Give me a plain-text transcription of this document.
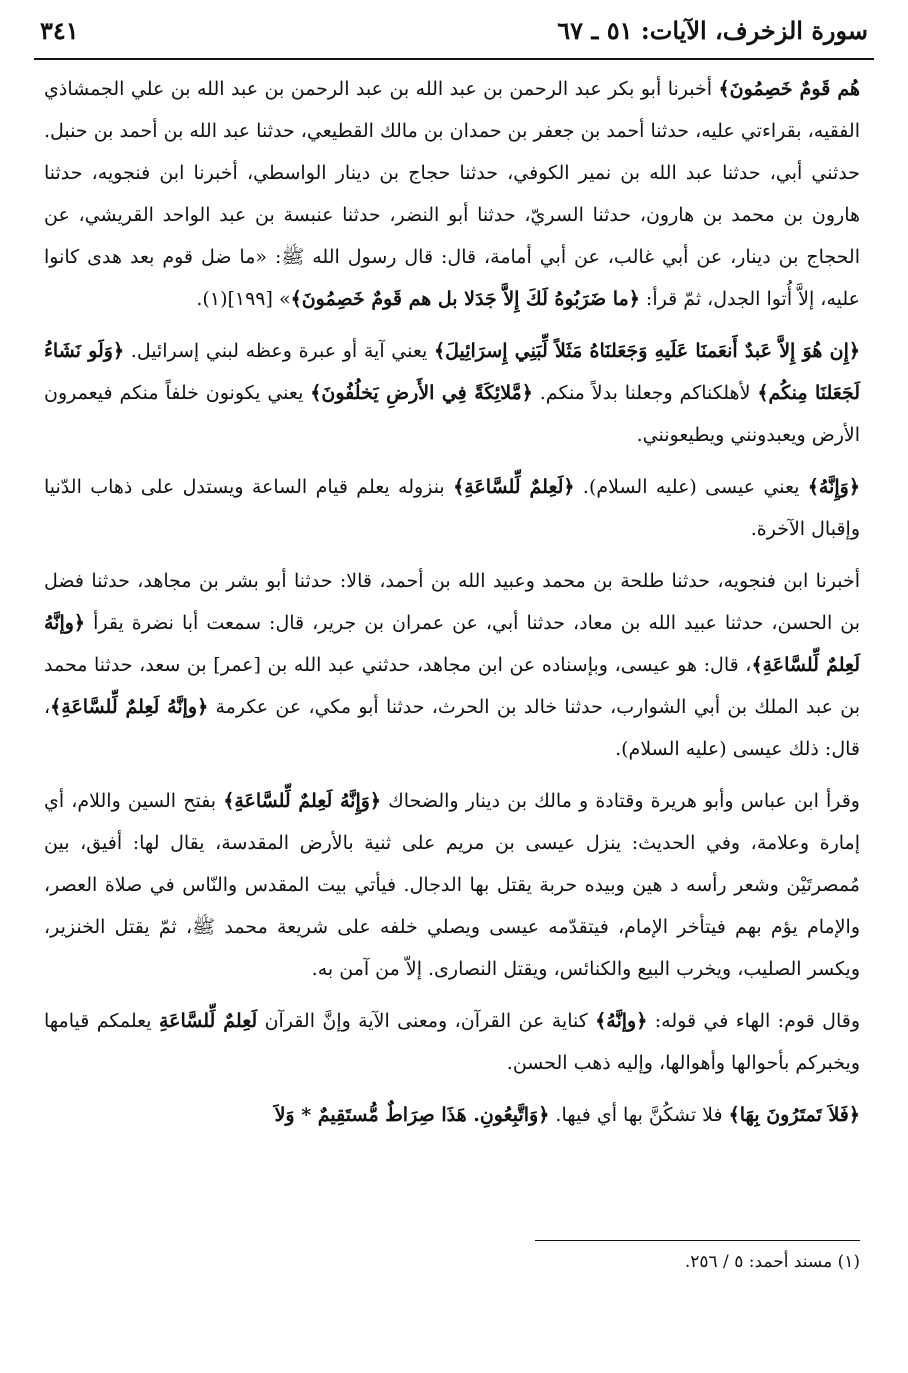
سورة الزخرف، الآيات: ٥١ ـ ٦٧
٣٤١

هُم قَومٌ خَصِمُونَ﴾ أخبرنا أبو بكر عبد الرحمن بن عبد الله بن عبد الرحمن بن عبد الله بن علي الجمشاذي الفقيه، بقراءتي عليه، حدثنا أحمد بن جعفر بن حمدان بن مالك القطيعي، حدثنا عبد الله بن أحمد بن حنبل. حدثني أبي، حدثنا عبد الله بن نمير الكوفي، حدثنا حجاج بن دينار الواسطي، أخبرنا ابن فنجويه، حدثنا هارون بن محمد بن هارون، حدثنا السريّ، حدثنا أبو النضر، حدثنا عنبسة بن عبد الواحد القريشي، عن الحجاج بن دينار، عن أبي غالب، عن أبي أمامة، قال: قال رسول الله ﷺ: «ما ضل قوم بعد هدى كانوا عليه، إلاَّ أُتوا الجدل، ثمّ قرأ: ﴿ما ضَرَبُوهُ لَكَ إِلاَّ جَدَلا بل هم قَومٌ خَصِمُونَ﴾» [١٩٩](١).

﴿إِن هُوَ إِلاَّ عَبدٌ أَنعَمنَا عَلَيهِ وَجَعَلنَاهُ مَثَلاً لِّبَنِي إِسرَائِيلَ﴾ يعني آية أو عبرة وعظه لبني إسرائيل. ﴿وَلَو نَشَاءُ لَجَعَلنَا مِنكُم﴾ لأهلكناكم وجعلنا بدلاً منكم. ﴿مَّلائِكَةً فِي الأَرضِ يَخلُفُونَ﴾ يعني يكونون خلفاً منكم فيعمرون الأرض ويعبدونني ويطيعونني.

﴿وَإِنَّهُ﴾ يعني عيسى (عليه السلام). ﴿لَعِلمٌ لِّلسَّاعَةِ﴾ بنزوله يعلم قيام الساعة ويستدل على ذهاب الدّنيا وإقبال الآخرة.

أخبرنا ابن فنجويه، حدثنا طلحة بن محمد وعبيد الله بن أحمد، قالا: حدثنا أبو بشر بن مجاهد، حدثنا فضل بن الحسن، حدثنا عبيد الله بن معاد، حدثنا أبي، عن عمران بن جرير، قال: سمعت أبا نضرة يقرأ ﴿وإنَّهُ لَعِلمٌ لِّلسَّاعَةِ﴾، قال: هو عيسى، وبإسناده عن ابن مجاهد، حدثني عبد الله بن [عمر] بن سعد، حدثنا محمد بن عبد الملك بن أبي الشوارب، حدثنا خالد بن الحرث، حدثنا أبو مكي، عن عكرمة ﴿وإنَّهُ لَعِلمٌ لِّلسَّاعَةِ﴾، قال: ذلك عيسى (عليه السلام).

وقرأ ابن عباس وأبو هريرة وقتادة و مالك بن دينار والضحاك ﴿وَإِنَّهُ لَعِلمٌ لِّلسَّاعَةِ﴾ بفتح السين واللام، أي إمارة وعلامة، وفي الحديث: ينزل عيسى بن مريم على ثنية بالأرض المقدسة، يقال لها: أفيق، بين مُمصرتَيْن وشعر رأسه د هين وبيده حربة يقتل بها الدجال. فيأتي بيت المقدس والنّاس في صلاة العصر، والإمام يؤم بهم فيتأخر الإمام، فيتقدّمه عيسى ويصلي خلفه على شريعة محمد ﷺ، ثمّ يقتل الخنزير، ويكسر الصليب، ويخرب البيع والكنائس، ويقتل النصارى. إلاّ من آمن به.

وقال قوم: الهاء في قوله: ﴿وإنَّهُ﴾ كناية عن القرآن، ومعنى الآية وإنَّ القرآن لَعِلمٌ لِّلسَّاعَةِ يعلمكم قيامها ويخبركم بأحوالها وأهوالها، وإليه ذهب الحسن.

﴿فَلاَ تَمتَرُونَ بِهَا﴾ فلا تشكُنَّ بها أي فيها. ﴿وَاتَّبِعُونِ. هَذَا صِرَاطٌ مُّستَقِيمٌ * وَلاَ

(١) مسند أحمد: ٥ / ٢٥٦.
